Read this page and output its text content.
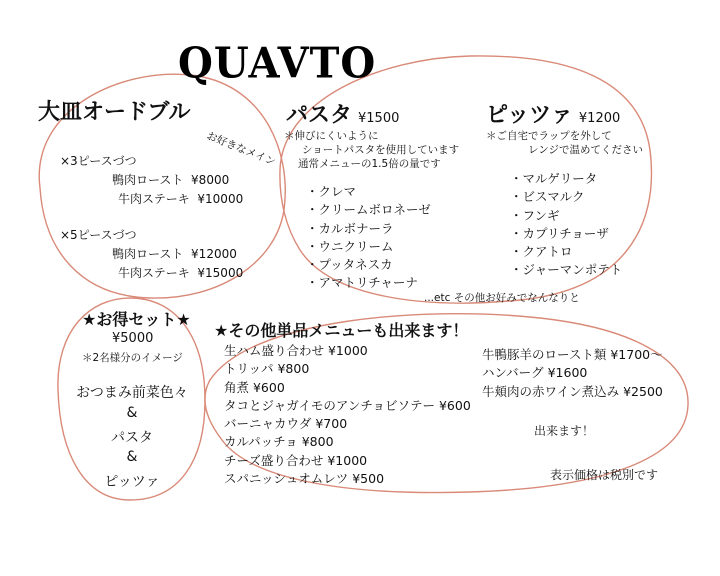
QUAVTO
大皿オードブル
お好きなメイン
×3ピースづつ
鴨肉ロースト ¥8000
牛肉ステーキ ¥10000
×5ピースづつ
鴨肉ロースト ¥12000
牛肉ステーキ ¥15000
パスタ ¥1500
＊伸びにくいように
ショートパスタを使用しています
通常メニューの1.5倍の量です
・クレマ
・クリームボロネーゼ
・カルボナーラ
・ウニクリーム
・プッタネスカ
・アマトリチャーナ
...etc その他お好みでなんなりと
ピッツァ ¥1200
＊ご自宅でラップを外して
レンジで温めてください
・マルゲリータ
・ビスマルク
・フンギ
・カプリチョーザ
・クアトロ
・ジャーマンポテト
★お得セット★
¥5000
＊2名様分のイメージ
おつまみ前菜色々
&
パスタ
&
ピッツァ
★その他単品メニューも出来ます！
生ハム盛り合わせ ¥1000
トリッパ ¥800
角煮 ¥600
タコとジャガイモのアンチョビソテー ¥600
バーニャカウダ ¥700
カルパッチョ ¥800
チーズ盛り合わせ ¥1000
スパニッシュオムレツ ¥500
牛鴨豚羊のロースト類 ¥1700～
ハンバーグ ¥1600
牛頬肉の赤ワイン煮込み ¥2500
出来ます！
表示価格は税別です
